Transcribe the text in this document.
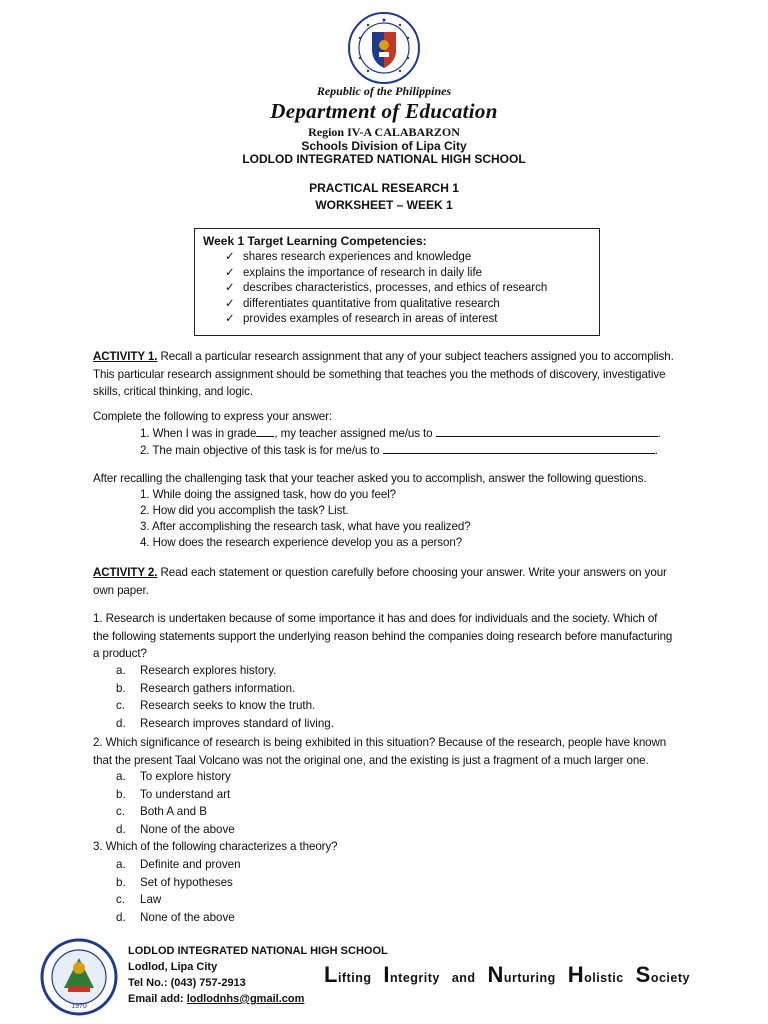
Republic of the Philippines
Department of Education
Region IV-A CALABARZON
Schools Division of Lipa City
LODLOD INTEGRATED NATIONAL HIGH SCHOOL
PRACTICAL RESEARCH 1
WORKSHEET – WEEK 1
Week 1 Target Learning Competencies:
✓ shares research experiences and knowledge
✓ explains the importance of research in daily life
✓ describes characteristics, processes, and ethics of research
✓ differentiates quantitative from qualitative research
✓ provides examples of research in areas of interest
ACTIVITY 1. Recall a particular research assignment that any of your subject teachers assigned you to accomplish.
This particular research assignment should be something that teaches you the methods of discovery, investigative
skills, critical thinking, and logic.
Complete the following to express your answer:
1. When I was in grade , my teacher assigned me/us to	.
2. The main objective of this task is for me/us to	.
After recalling the challenging task that your teacher asked you to accomplish, answer the following questions.
1. While doing the assigned task, how do you feel?
2. How did you accomplish the task? List.
3. After accomplishing the research task, what have you realized?
4. How does the research experience develop you as a person?
ACTIVITY 2. Read each statement or question carefully before choosing your answer. Write your answers on your
own paper.
1. Research is undertaken because of some importance it has and does for individuals and the society. Which of
the following statements support the underlying reason behind the companies doing research before manufacturing
a product?
a.	Research explores history.
b.	Research gathers information.
c.	Research seeks to know the truth.
d.	Research improves standard of living.
2. Which significance of research is being exhibited in this situation? Because of the research, people have known
that the present Taal Volcano was not the original one, and the existing is just a fragment of a much larger one.
a.	To explore history
b.	To understand art
c.	Both A and B
d.	None of the above
3. Which of the following characterizes a theory?
a.	Definite and proven
b.	Set of hypotheses
c.	Law
d.	None of the above
1970
LODLOD INTEGRATED NATIONAL HIGH SCHOOL
Lodlod, Lipa City
Tel No.: (043) 757-2913
Email add: lodlodnhs@gmail.com
Lifting Integrity and Nurturing Holistic Society
